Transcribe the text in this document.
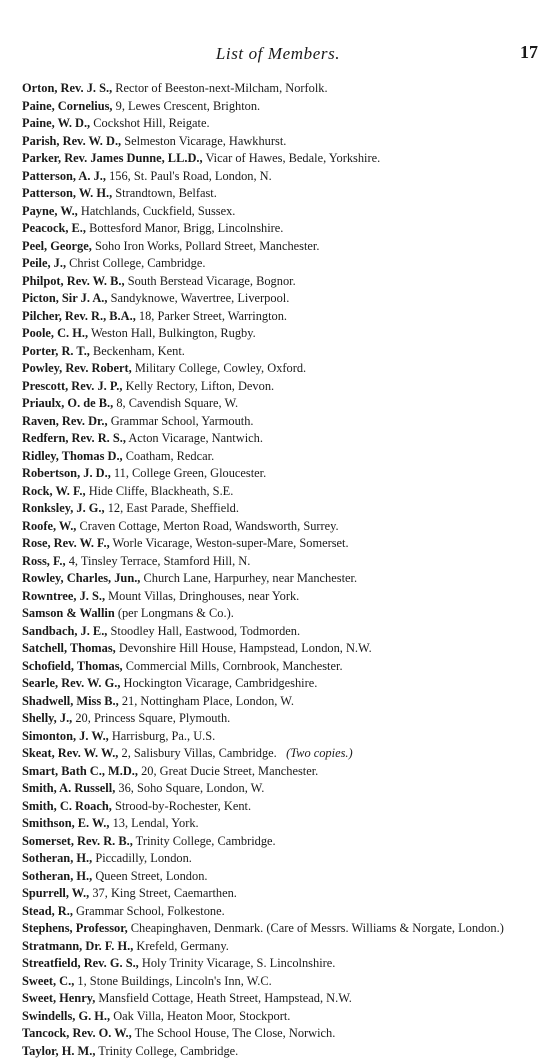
List of Members.	17
Orton, Rev. J. S., Rector of Beeston-next-Milcham, Norfolk.
Paine, Cornelius, 9, Lewes Crescent, Brighton.
Paine, W. D., Cockshot Hill, Reigate.
Parish, Rev. W. D., Selmeston Vicarage, Hawkhurst.
Parker, Rev. James Dunne, LL.D., Vicar of Hawes, Bedale, Yorkshire.
Patterson, A. J., 156, St. Paul's Road, London, N.
Patterson, W. H., Strandtown, Belfast.
Payne, W., Hatchlands, Cuckfield, Sussex.
Peacock, E., Bottesford Manor, Brigg, Lincolnshire.
Peel, George, Soho Iron Works, Pollard Street, Manchester.
Peile, J., Christ College, Cambridge.
Philpot, Rev. W. B., South Berstead Vicarage, Bognor.
Picton, Sir J. A., Sandyknowe, Wavertree, Liverpool.
Pilcher, Rev. R., B.A., 18, Parker Street, Warrington.
Poole, C. H., Weston Hall, Bulkington, Rugby.
Porter, R. T., Beckenham, Kent.
Powley, Rev. Robert, Military College, Cowley, Oxford.
Prescott, Rev. J. P., Kelly Rectory, Lifton, Devon.
Priaulx, O. de B., 8, Cavendish Square, W.
Raven, Rev. Dr., Grammar School, Yarmouth.
Redfern, Rev. R. S., Acton Vicarage, Nantwich.
Ridley, Thomas D., Coatham, Redcar.
Robertson, J. D., 11, College Green, Gloucester.
Rock, W. F., Hide Cliffe, Blackheath, S.E.
Ronksley, J. G., 12, East Parade, Sheffield.
Roofe, W., Craven Cottage, Merton Road, Wandsworth, Surrey.
Rose, Rev. W. F., Worle Vicarage, Weston-super-Mare, Somerset.
Ross, F., 4, Tinsley Terrace, Stamford Hill, N.
Rowley, Charles, Jun., Church Lane, Harpurhey, near Manchester.
Rowntree, J. S., Mount Villas, Dringhouses, near York.
Samson & Wallin (per Longmans & Co.).
Sandbach, J. E., Stoodley Hall, Eastwood, Todmorden.
Satchell, Thomas, Devonshire Hill House, Hampstead, London, N.W.
Schofield, Thomas, Commercial Mills, Cornbrook, Manchester.
Searle, Rev. W. G., Hockington Vicarage, Cambridgeshire.
Shadwell, Miss B., 21, Nottingham Place, London, W.
Shelly, J., 20, Princess Square, Plymouth.
Simonton, J. W., Harrisburg, Pa., U.S.
Skeat, Rev. W. W., 2, Salisbury Villas, Cambridge. (Two copies.)
Smart, Bath C., M.D., 20, Great Ducie Street, Manchester.
Smith, A. Russell, 36, Soho Square, London, W.
Smith, C. Roach, Strood-by-Rochester, Kent.
Smithson, E. W., 13, Lendal, York.
Somerset, Rev. R. B., Trinity College, Cambridge.
Sotheran, H., Piccadilly, London.
Sotheran, H., Queen Street, London.
Spurrell, W., 37, King Street, Caemarthen.
Stead, R., Grammar School, Folkestone.
Stephens, Professor, Cheapinghaven, Denmark. (Care of Messrs. Williams & Norgate, London.)
Stratmann, Dr. F. H., Krefeld, Germany.
Streatfield, Rev. G. S., Holy Trinity Vicarage, S. Lincolnshire.
Sweet, C., 1, Stone Buildings, Lincoln's Inn, W.C.
Sweet, Henry, Mansfield Cottage, Heath Street, Hampstead, N.W.
Swindells, G. H., Oak Villa, Heaton Moor, Stockport.
Tancock, Rev. O. W., The School House, The Close, Norwich.
Taylor, H. M., Trinity College, Cambridge.
